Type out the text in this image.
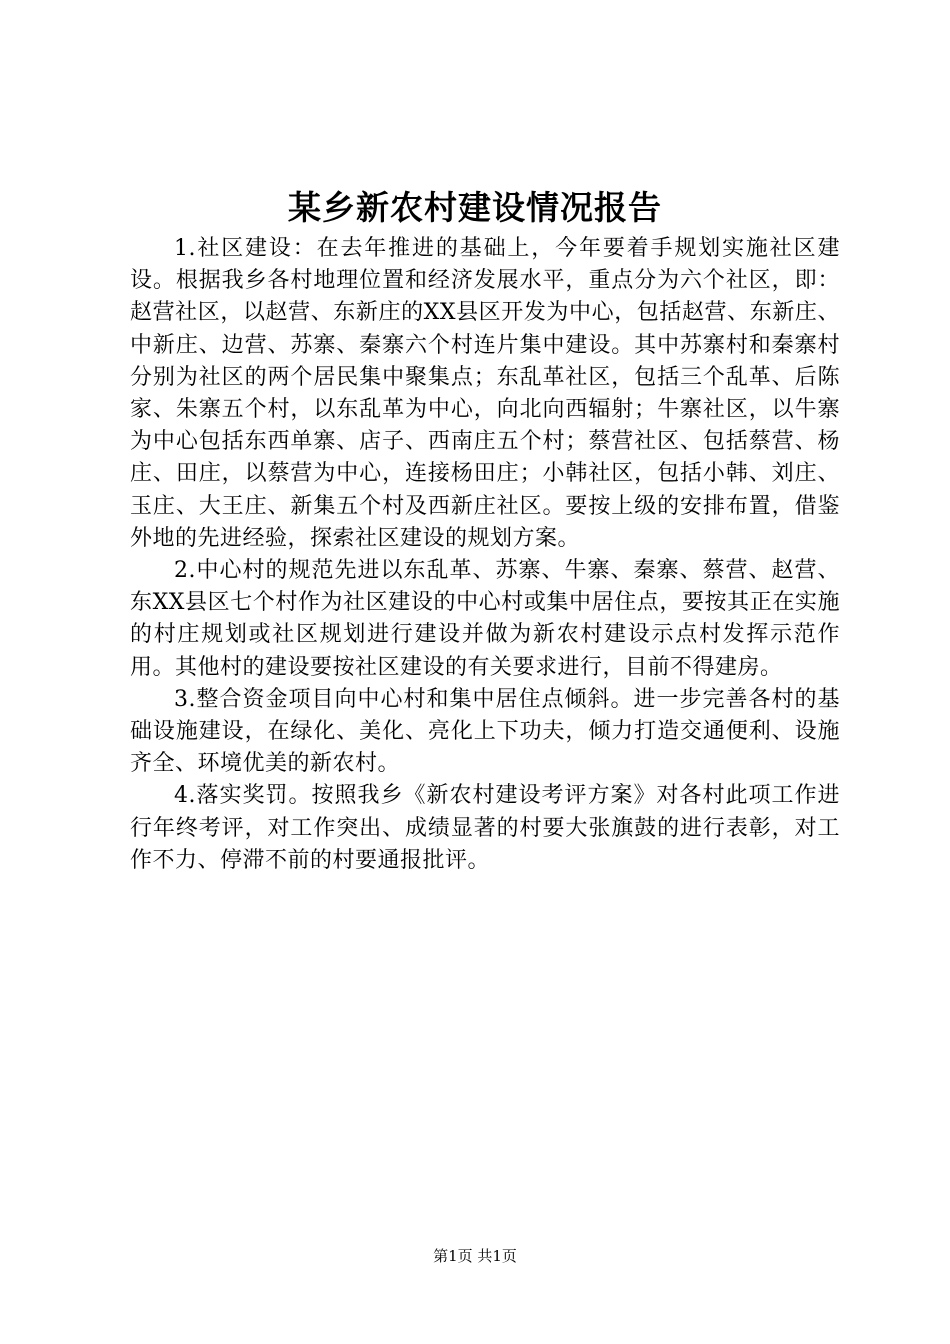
某乡新农村建设情况报告

1.社区建设：在去年推进的基础上，今年要着手规划实施社区建设。根据我乡各村地理位置和经济发展水平，重点分为六个社区，即：赵营社区，以赵营、东新庄的XX县区开发为中心，包括赵营、东新庄、中新庄、边营、苏寨、秦寨六个村连片集中建设。其中苏寨村和秦寨村分别为社区的两个居民集中聚集点；东乱革社区，包括三个乱革、后陈家、朱寨五个村，以东乱革为中心，向北向西辐射；牛寨社区，以牛寨为中心包括东西单寨、店子、西南庄五个村；蔡营社区、包括蔡营、杨庄、田庄，以蔡营为中心，连接杨田庄；小韩社区，包括小韩、刘庄、玉庄、大王庄、新集五个村及西新庄社区。要按上级的安排布置，借鉴外地的先进经验，探索社区建设的规划方案。

2.中心村的规范先进以东乱革、苏寨、牛寨、秦寨、蔡营、赵营、东XX县区七个村作为社区建设的中心村或集中居住点，要按其正在实施的村庄规划或社区规划进行建设并做为新农村建设示点村发挥示范作用。其他村的建设要按社区建设的有关要求进行，目前不得建房。

3.整合资金项目向中心村和集中居住点倾斜。进一步完善各村的基础设施建设，在绿化、美化、亮化上下功夫，倾力打造交通便利、设施齐全、环境优美的新农村。

4.落实奖罚。按照我乡《新农村建设考评方案》对各村此项工作进行年终考评，对工作突出、成绩显著的村要大张旗鼓的进行表彰，对工作不力、停滞不前的村要通报批评。

第1页 共1页
